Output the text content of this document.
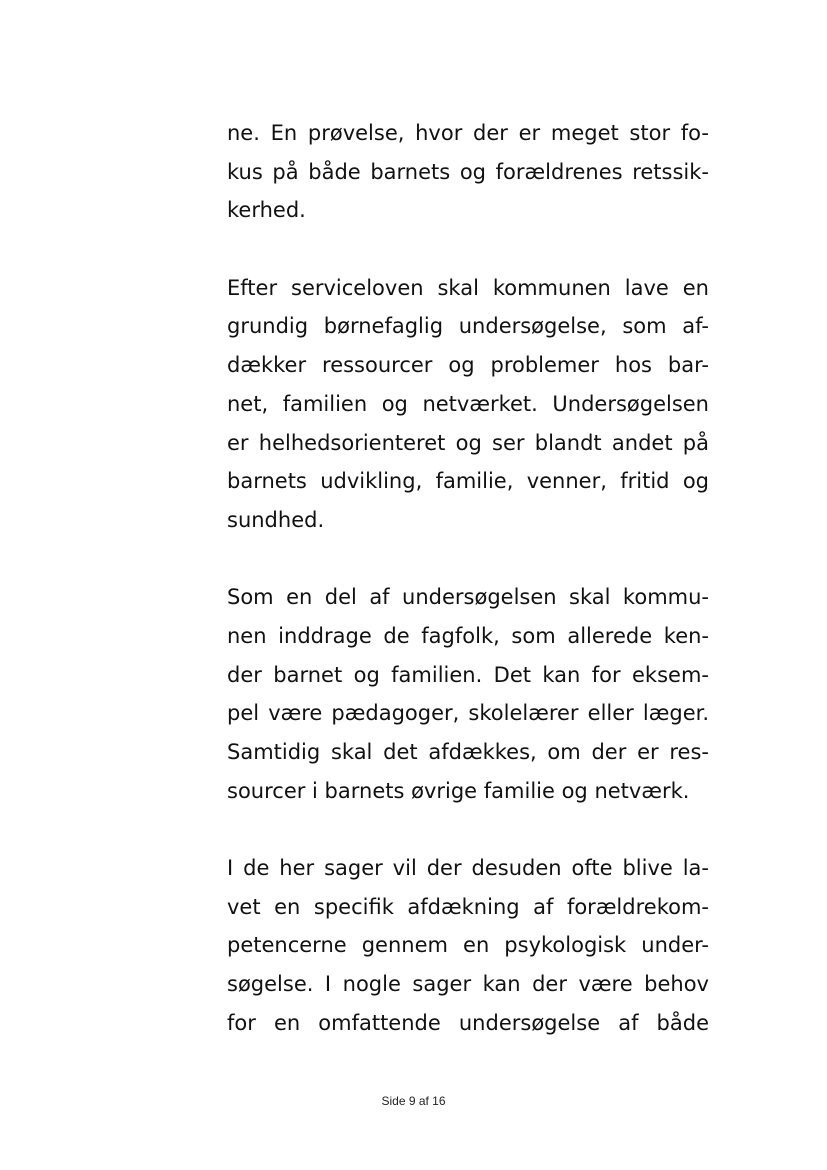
ne. En prøvelse, hvor der er meget stor fo-
kus på både barnets og forældrenes retssik-
kerhed.
Efter serviceloven skal kommunen lave en
grundig børnefaglig undersøgelse, som af-
dækker ressourcer og problemer hos bar-
net, familien og netværket. Undersøgelsen
er helhedsorienteret og ser blandt andet på
barnets udvikling, familie, venner, fritid og
sundhed.
Som en del af undersøgelsen skal kommu-
nen inddrage de fagfolk, som allerede ken-
der barnet og familien. Det kan for eksem-
pel være pædagoger, skolelærer eller læger.
Samtidig skal det afdækkes, om der er res-
sourcer i barnets øvrige familie og netværk.
I de her sager vil der desuden ofte blive la-
vet en specifik afdækning af forældrekom-
petencerne gennem en psykologisk under-
søgelse. I nogle sager kan der være behov
for en omfattende undersøgelse af både
Side 9 af 16
